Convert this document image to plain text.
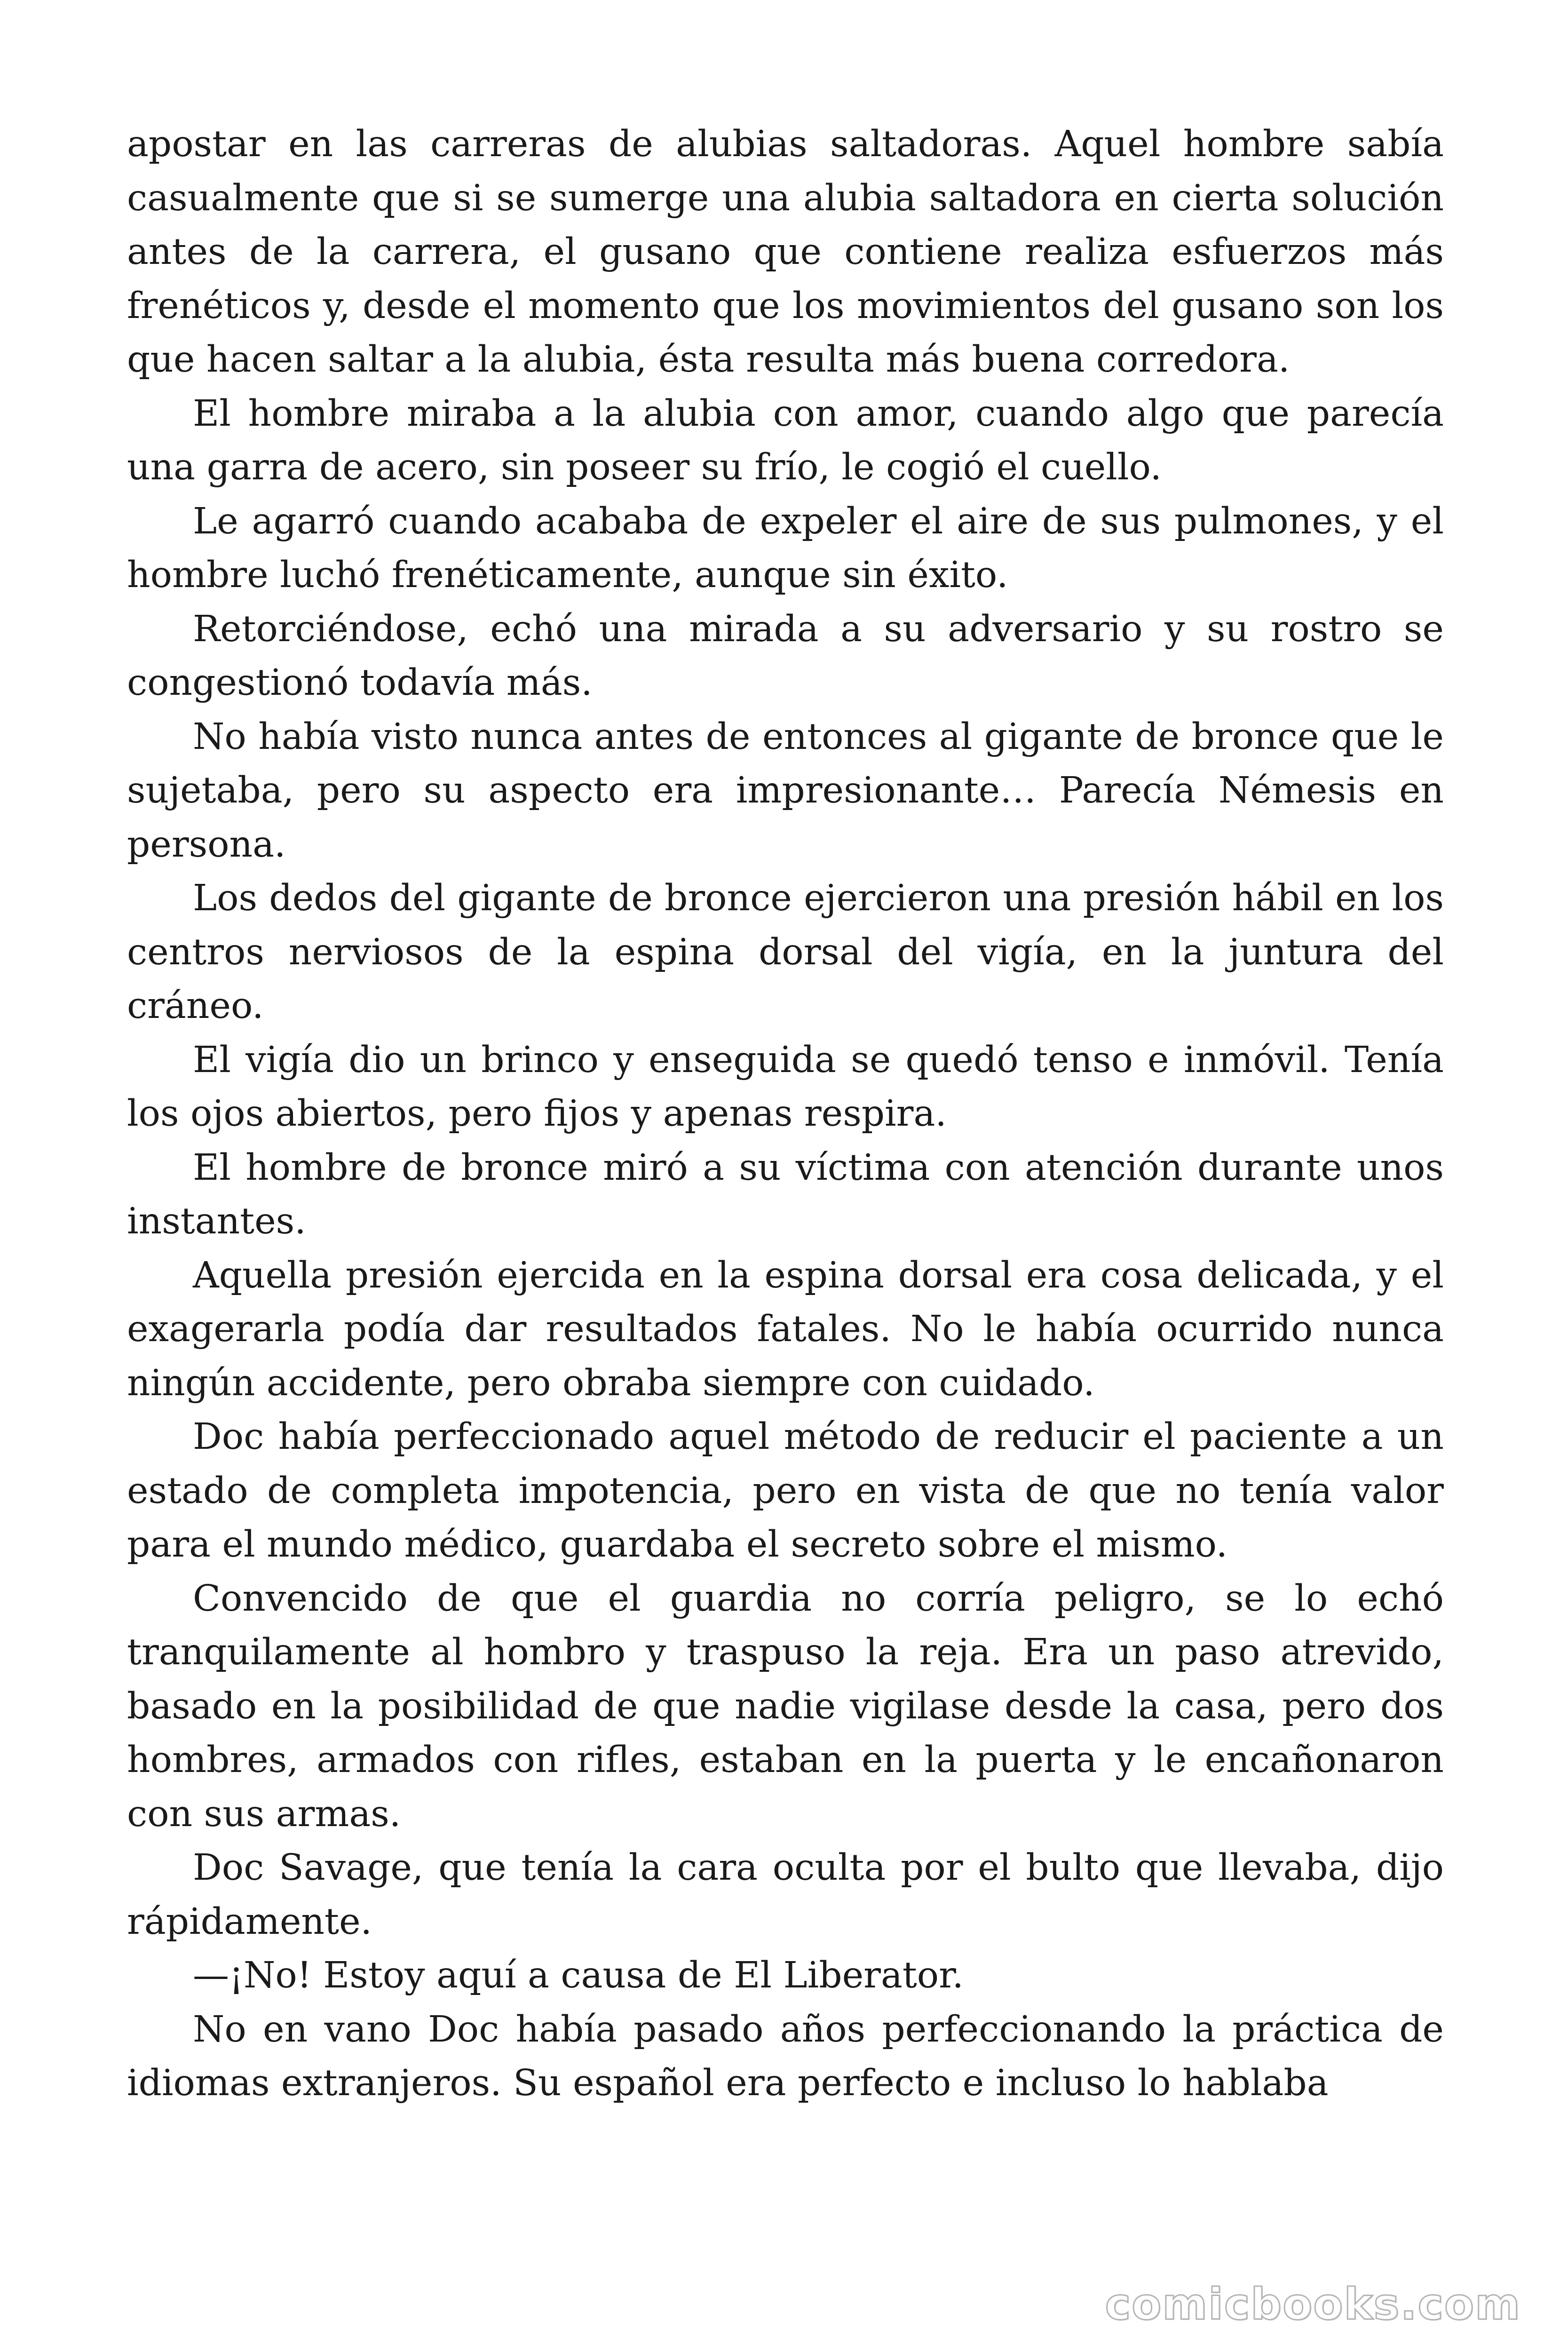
apostar en las carreras de alubias saltadoras. Aquel hombre sabía casualmente que si se sumerge una alubia saltadora en cierta solución antes de la carrera, el gusano que contiene realiza esfuerzos más frenéticos y, desde el momento que los movimientos del gusano son los que hacen saltar a la alubia, ésta resulta más buena corredora.

El hombre miraba a la alubia con amor, cuando algo que parecía una garra de acero, sin poseer su frío, le cogió el cuello.

Le agarró cuando acababa de expeler el aire de sus pulmones, y el hombre luchó frenéticamente, aunque sin éxito.

Retorciéndose, echó una mirada a su adversario y su rostro se congestionó todavía más.

No había visto nunca antes de entonces al gigante de bronce que le sujetaba, pero su aspecto era impresionante… Parecía Némesis en persona.

Los dedos del gigante de bronce ejercieron una presión hábil en los centros nerviosos de la espina dorsal del vigía, en la juntura del cráneo.

El vigía dio un brinco y enseguida se quedó tenso e inmóvil. Tenía los ojos abiertos, pero fijos y apenas respira.

El hombre de bronce miró a su víctima con atención durante unos instantes.

Aquella presión ejercida en la espina dorsal era cosa delicada, y el exagerarla podía dar resultados fatales. No le había ocurrido nunca ningún accidente, pero obraba siempre con cuidado.

Doc había perfeccionado aquel método de reducir el paciente a un estado de completa impotencia, pero en vista de que no tenía valor para el mundo médico, guardaba el secreto sobre el mismo.

Convencido de que el guardia no corría peligro, se lo echó tranquilamente al hombro y traspuso la reja. Era un paso atrevido, basado en la posibilidad de que nadie vigilase desde la casa, pero dos hombres, armados con rifles, estaban en la puerta y le encañonaron con sus armas.

Doc Savage, que tenía la cara oculta por el bulto que llevaba, dijo rápidamente.

—¡No! Estoy aquí a causa de El Liberator.

No en vano Doc había pasado años perfeccionando la práctica de idiomas extranjeros. Su español era perfecto e incluso lo hablaba

comicbooks.com
